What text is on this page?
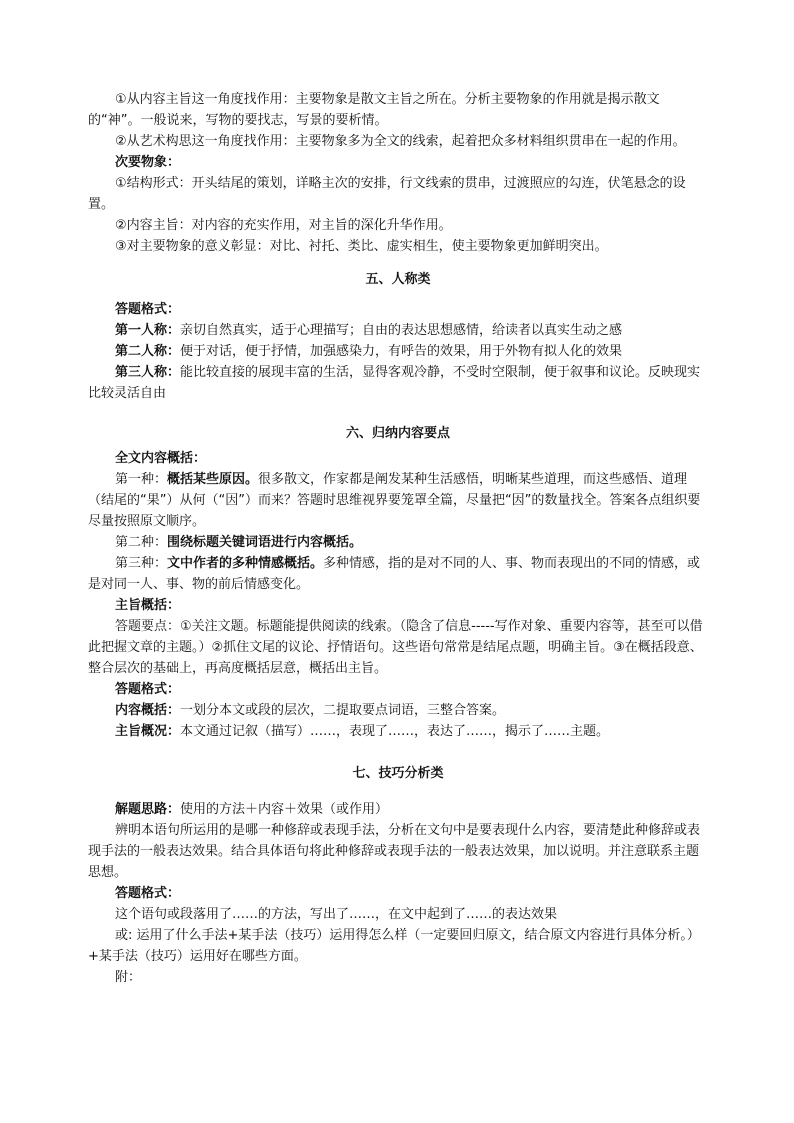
①从内容主旨这一角度找作用：主要物象是散文主旨之所在。分析主要物象的作用就是揭示散文的“神”。一般说来，写物的要找志，写景的要析情。

②从艺术构思这一角度找作用：主要物象多为全文的线索，起着把众多材料组织贯串在一起的作用。

次要物象：

①结构形式：开头结尾的策划，详略主次的安排，行文线索的贯串，过渡照应的勾连，伏笔悬念的设置。

②内容主旨：对内容的充实作用，对主旨的深化升华作用。

③对主要物象的意义彰显：对比、衬托、类比、虚实相生，使主要物象更加鲜明突出。

五、人称类

答题格式：

第一人称：亲切自然真实，适于心理描写；自由的表达思想感情，给读者以真实生动之感

第二人称：便于对话，便于抒情，加强感染力，有呼告的效果，用于外物有拟人化的效果

第三人称：能比较直接的展现丰富的生活，显得客观冷静，不受时空限制，便于叙事和议论。反映现实比较灵活自由

六、归纳内容要点

全文内容概括：

第一种：概括某些原因。很多散文，作家都是阐发某种生活感悟，明晰某些道理，而这些感悟、道理（结尾的“果”）从何（“因”）而来？答题时思维视界要笼罩全篇，尽量把“因”的数量找全。答案各点组织要尽量按照原文顺序。

第二种：围绕标题关键词语进行内容概括。

第三种：文中作者的多种情感概括。多种情感，指的是对不同的人、事、物而表现出的不同的情感，或是对同一人、事、物的前后情感变化。

主旨概括：

答题要点：①关注文题。标题能提供阅读的线索。（隐含了信息-----写作对象、重要内容等，甚至可以借此把握文章的主题。）②抓住文尾的议论、抒情语句。这些语句常常是结尾点题，明确主旨。③在概括段意、整合层次的基础上，再高度概括层意，概括出主旨。

答题格式：

内容概括：一划分本文或段的层次，二提取要点词语，三整合答案。

主旨概况：本文通过记叙（描写）……，表现了……，表达了……，揭示了……主题。

七、技巧分析类

解题思路：使用的方法＋内容＋效果（或作用）

辨明本语句所运用的是哪一种修辞或表现手法，分析在文句中是要表现什么内容，要清楚此种修辞或表现手法的一般表达效果。结合具体语句将此种修辞或表现手法的一般表达效果，加以说明。并注意联系主题思想。

答题格式：

这个语句或段落用了……的方法，写出了……，在文中起到了……的表达效果

或: 运用了什么手法+某手法（技巧）运用得怎么样（一定要回归原文，结合原文内容进行具体分析。）+某手法（技巧）运用好在哪些方面。

附：
